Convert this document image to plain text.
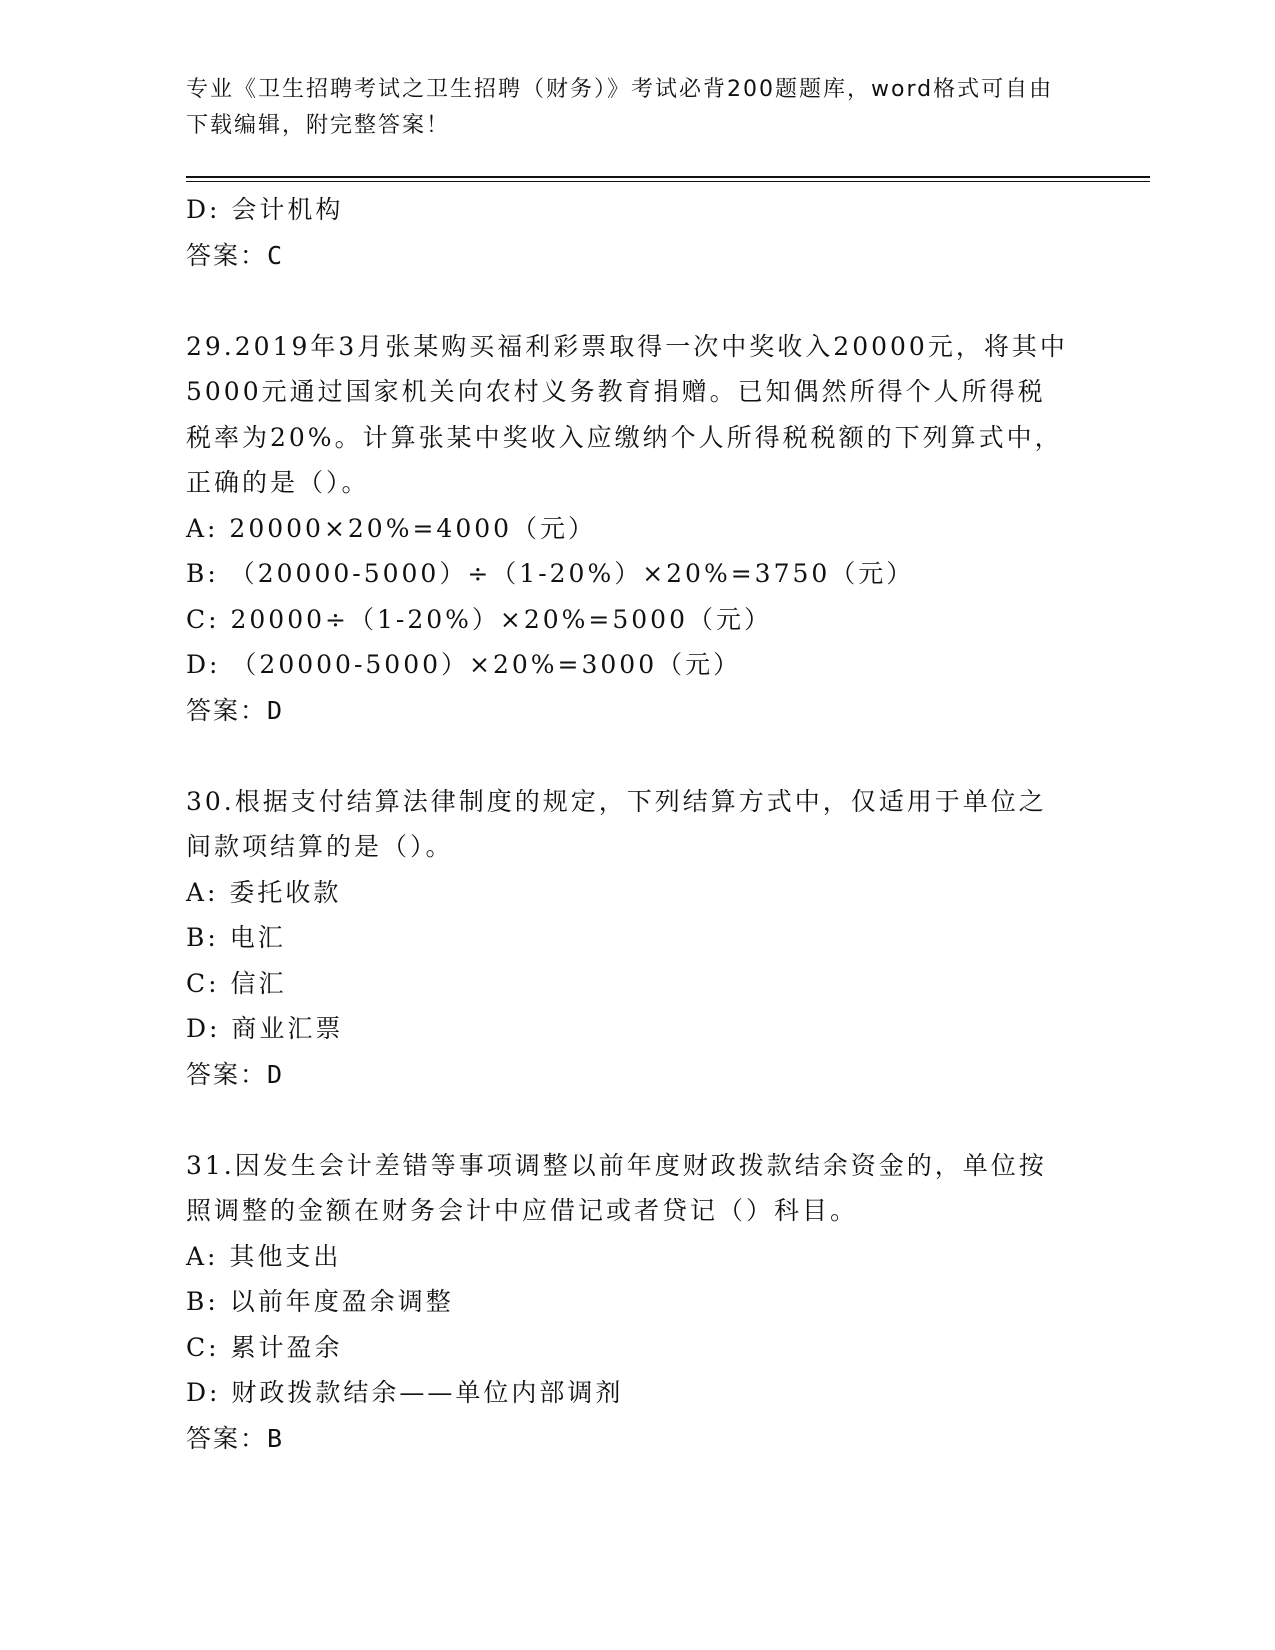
专业《卫生招聘考试之卫生招聘（财务）》考试必背200题题库，word格式可自由下载编辑，附完整答案！
D: 会计机构
答案：C
29.2019年3月张某购买福利彩票取得一次中奖收入20000元，将其中5000元通过国家机关向农村义务教育捐赠。已知偶然所得个人所得税税率为20%。计算张某中奖收入应缴纳个人所得税税额的下列算式中，正确的是（）。
A: 20000×20%=4000（元）
B: （20000-5000）÷（1-20%）×20%=3750（元）
C: 20000÷（1-20%）×20%=5000（元）
D: （20000-5000）×20%=3000（元）
答案：D
30.根据支付结算法律制度的规定，下列结算方式中，仅适用于单位之间款项结算的是（）。
A: 委托收款
B: 电汇
C: 信汇
D: 商业汇票
答案：D
31.因发生会计差错等事项调整以前年度财政拨款结余资金的，单位按照调整的金额在财务会计中应借记或者贷记（）科目。
A: 其他支出
B: 以前年度盈余调整
C: 累计盈余
D: 财政拨款结余——单位内部调剂
答案：B
